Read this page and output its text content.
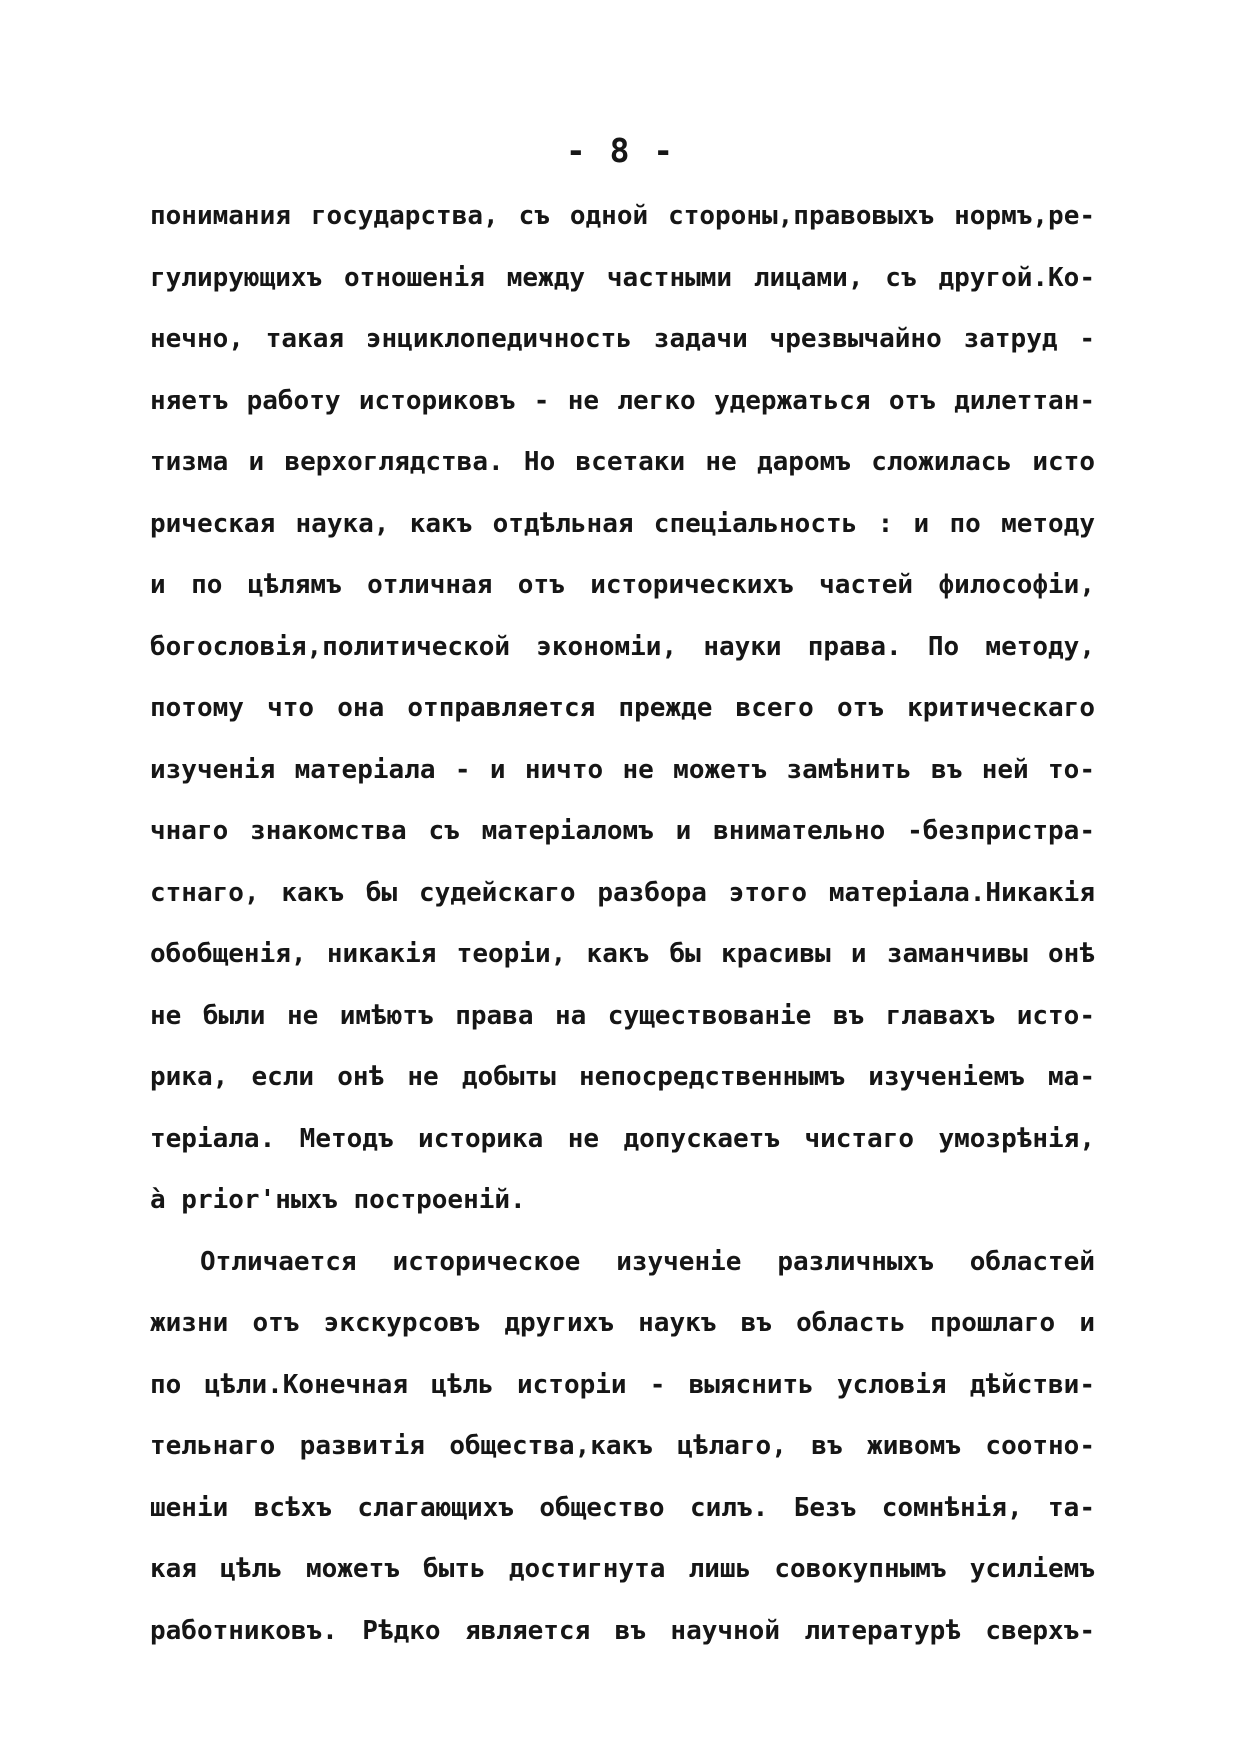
- 8 -
понимания государства, съ одной стороны,правовыхъ нормъ,ре-
гулирующихъ отношенія между частными лицами, съ другой.Ко-
нечно, такая энциклопедичность задачи чрезвычайно затруд -
няетъ работу историковъ - не легко удержаться отъ дилеттан-
тизма и верхоглядства. Но всетаки не даромъ сложилась исто
рическая наука, какъ отдѣльная спеціальность : и по методу
и по цѣлямъ отличная отъ историческихъ частей философіи,
богословія,политической экономіи, науки права. По методу,
потому что она отправляется прежде всего отъ критическаго
изученія матеріала - и ничто не можетъ замѣнить въ ней то-
чнаго знакомства съ матеріаломъ и внимательно -безпристра-
стнаго, какъ бы судейскаго разбора этого матеріала.Никакія
обобщенія, никакія теоріи, какъ бы красивы и заманчивы онѣ
не были не имѣютъ права на существованіе въ главахъ исто-
рика, если онѣ не добыты непосредственнымъ изученіемъ ма-
теріала. Методъ историка не допускаетъ чистаго умозрѣнія,
à prior'ныхъ построеній.
Отличается историческое изученіе различныхъ областей
жизни отъ экскурсовъ другихъ наукъ въ область прошлаго и
по цѣли.Конечная цѣль исторіи - выяснить условія дѣйстви-
тельнаго развитія общества,какъ цѣлаго, въ живомъ соотно-
шеніи всѣхъ слагающихъ общество силъ. Безъ сомнѣнія, та-
кая цѣль можетъ быть достигнута лишь совокупнымъ усиліемъ
работниковъ. Рѣдко является въ научной литературѣ сверхъ-
